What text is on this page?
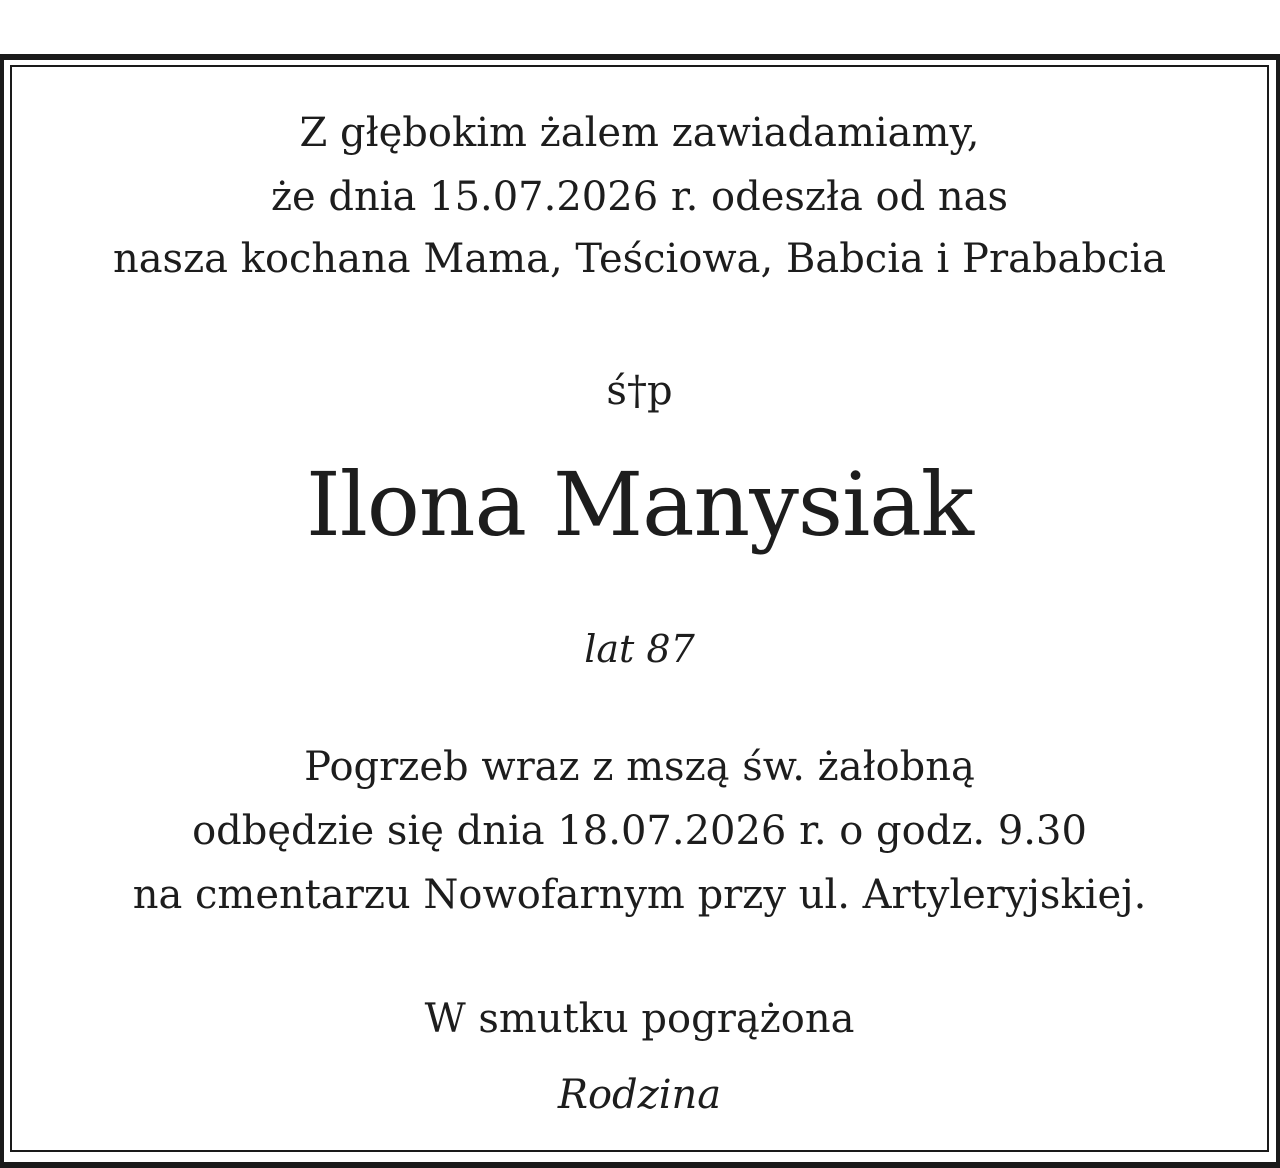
Z głębokim żalem zawiadamiamy,
że dnia 15.07.2026 r. odeszła od nas
nasza kochana Mama, Teściowa, Babcia i Prababcia
ś†p
Ilona Manysiak
lat 87
Pogrzeb wraz z mszą św. żałobną
odbędzie się dnia 18.07.2026 r. o godz. 9.30
na cmentarzu Nowofarnym przy ul. Artyleryjskiej.
W smutku pogrążona
Rodzina
